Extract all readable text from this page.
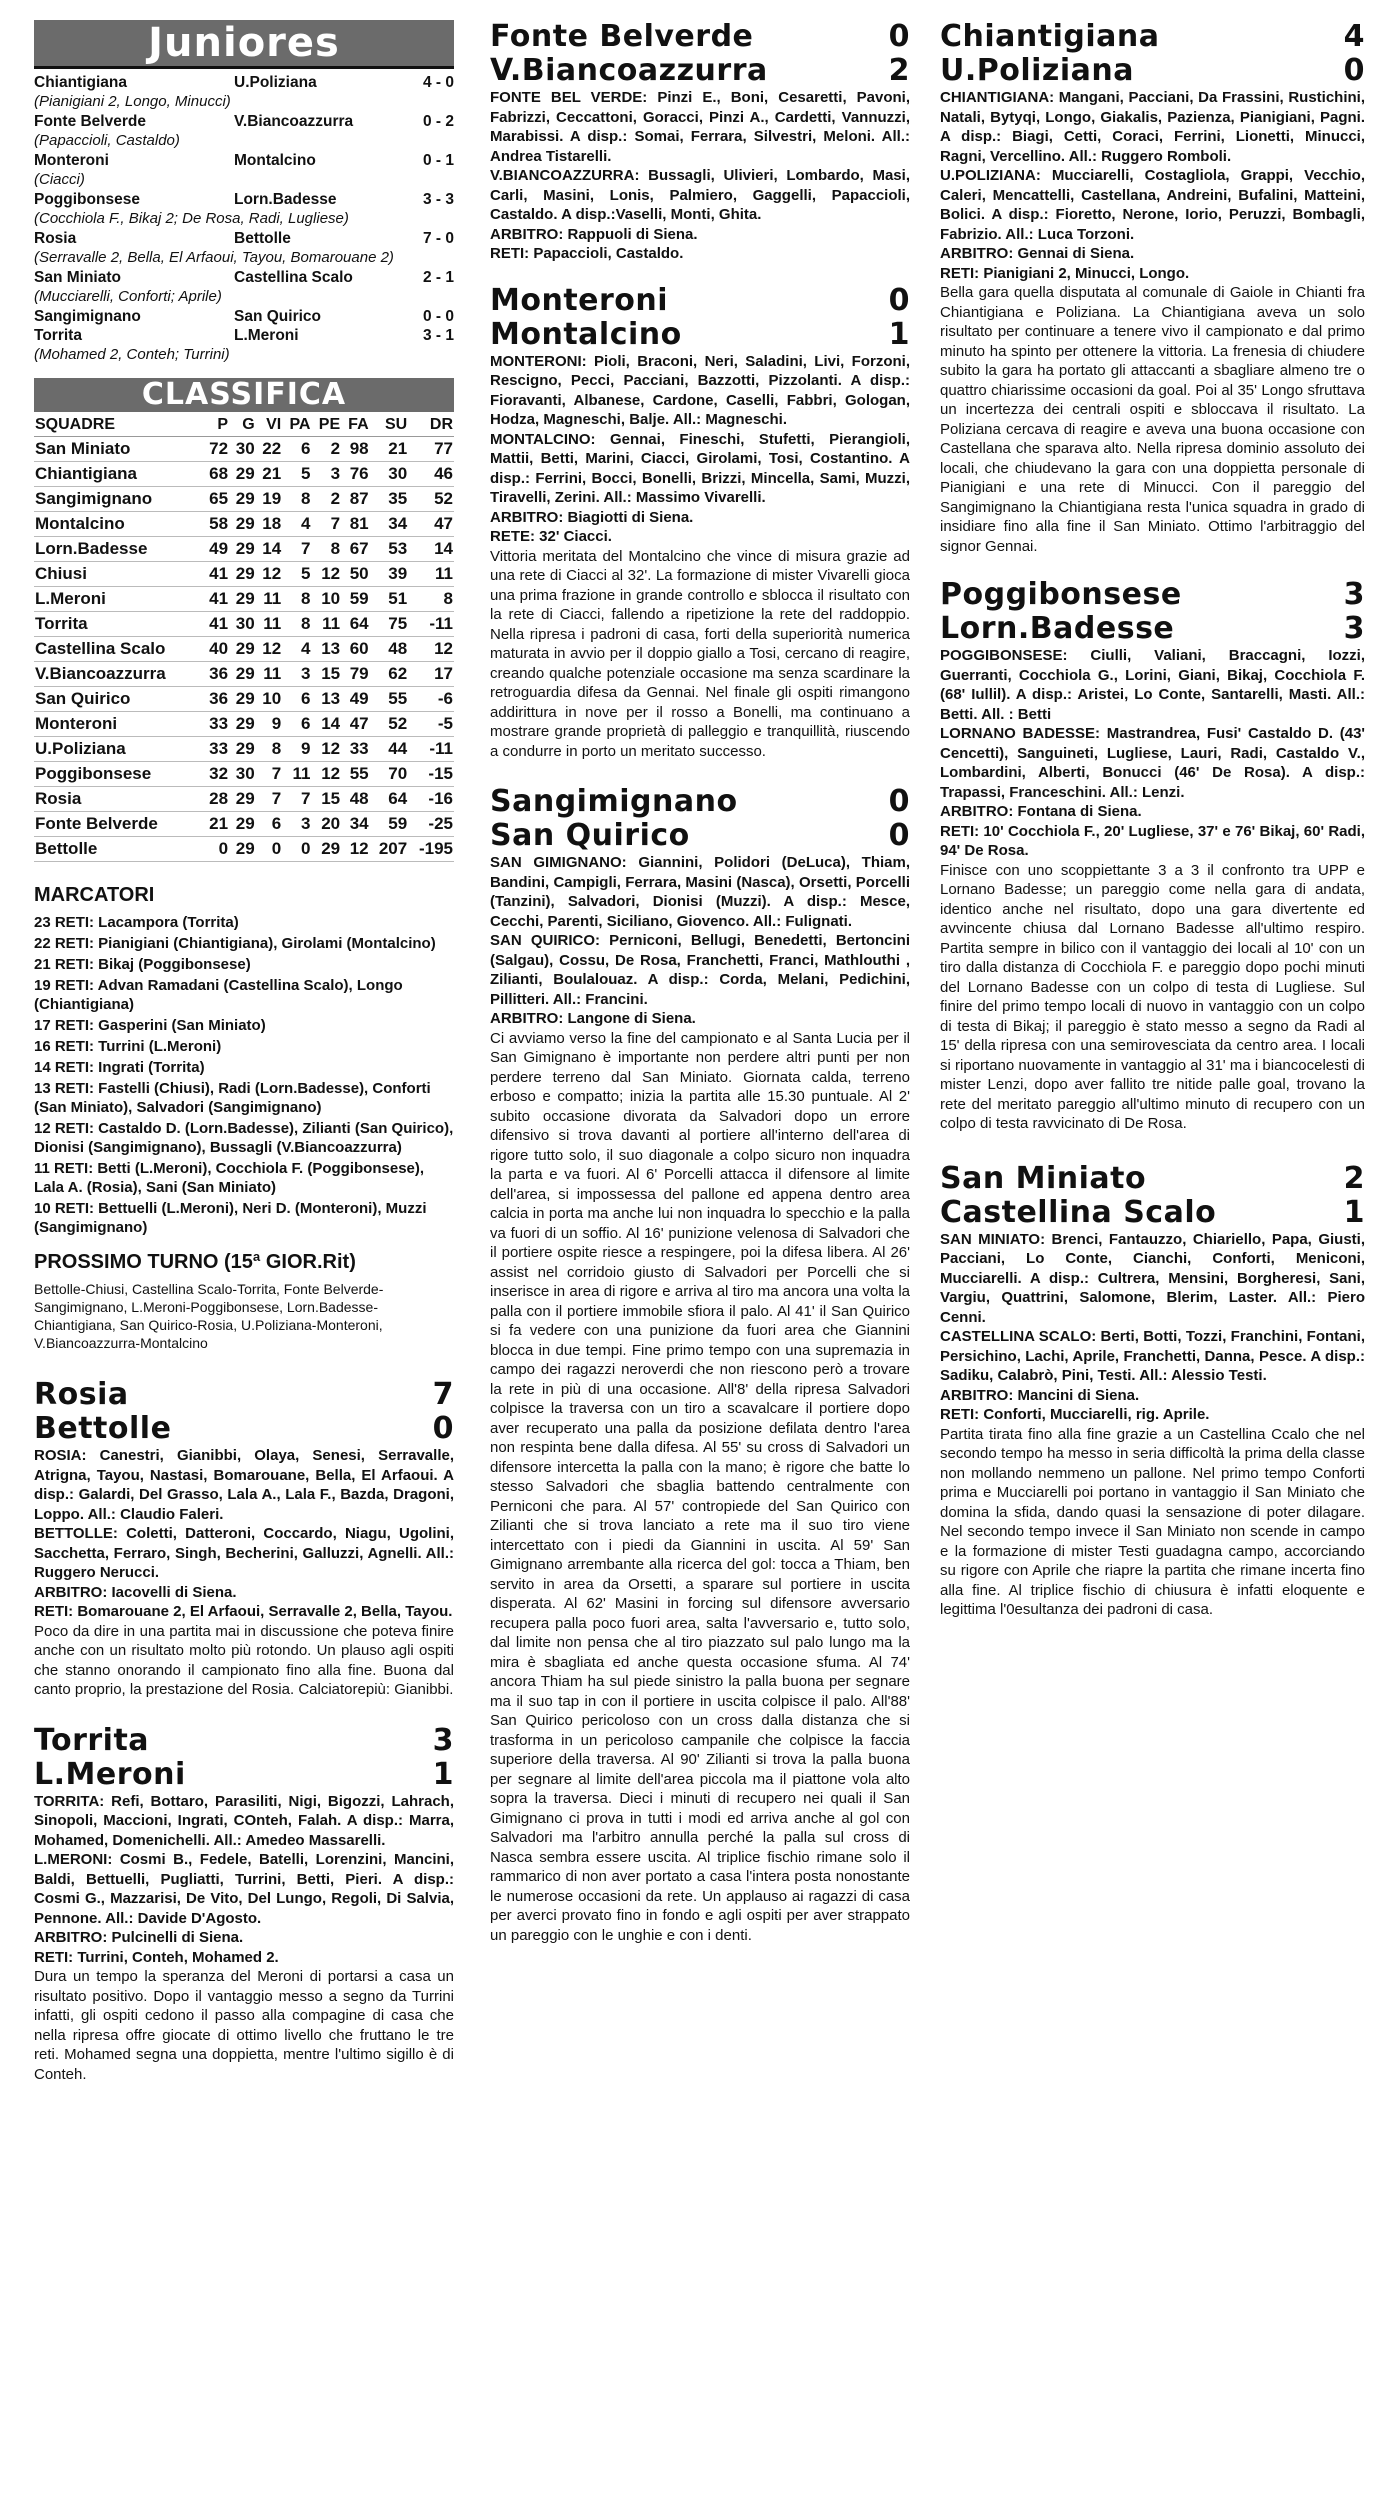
Juniores
Chiantigiana	U.Poliziana	4 - 0
(Pianigiani 2, Longo, Minucci)
Fonte Belverde	V.Biancoazzurra	0 - 2
(Papaccioli, Castaldo)
Monteroni	Montalcino	0 - 1
(Ciacci)
Poggibonsese	Lorn.Badesse	3 - 3
(Cocchiola F., Bikaj 2; De Rosa, Radi, Lugliese)
Rosia	Bettolle	7 - 0
(Serravalle 2, Bella, El Arfaoui, Tayou, Bomarouane 2)
San Miniato	Castellina Scalo	2 - 1
(Mucciarelli, Conforti; Aprile)
Sangimignano	San Quirico	0 - 0
Torrita	L.Meroni	3 - 1
(Mohamed 2, Conteh; Turrini)
CLASSIFICA
SQUADRE	P	G	VI	PA	PE	FA	SU	DR
San Miniato	72	30	22	6	2	98	21	77
Chiantigiana	68	29	21	5	3	76	30	46
Sangimignano	65	29	19	8	2	87	35	52
Montalcino	58	29	18	4	7	81	34	47
Lorn.Badesse	49	29	14	7	8	67	53	14
Chiusi	41	29	12	5	12	50	39	11
L.Meroni	41	29	11	8	10	59	51	8
Torrita	41	30	11	8	11	64	75	-11
Castellina Scalo	40	29	12	4	13	60	48	12
V.Biancoazzurra	36	29	11	3	15	79	62	17
San Quirico	36	29	10	6	13	49	55	-6
Monteroni	33	29	9	6	14	47	52	-5
U.Poliziana	33	29	8	9	12	33	44	-11
Poggibonsese	32	30	7	11	12	55	70	-15
Rosia	28	29	7	7	15	48	64	-16
Fonte Belverde	21	29	6	3	20	34	59	-25
Bettolle	0	29	0	0	29	12	207	-195
MARCATORI
23 RETI: Lacampora (Torrita)
22 RETI: Pianigiani (Chiantigiana), Girolami (Montalcino)
21 RETI: Bikaj (Poggibonsese)
19 RETI: Advan Ramadani (Castellina Scalo), Longo (Chiantigiana)
17 RETI: Gasperini (San Miniato)
16 RETI: Turrini (L.Meroni)
14 RETI: Ingrati (Torrita)
13 RETI: Fastelli (Chiusi), Radi (Lorn.Badesse), Conforti (San Miniato), Salvadori (Sangimignano)
12 RETI: Castaldo D. (Lorn.Badesse), Zilianti (San Quirico), Dionisi (Sangimignano), Bussagli (V.Biancoazzurra)
11 RETI: Betti (L.Meroni), Cocchiola F. (Poggibonsese), Lala A. (Rosia), Sani (San Miniato)
10 RETI: Bettuelli (L.Meroni), Neri D. (Monteroni), Muzzi (Sangimignano)
PROSSIMO TURNO (15ª GIOR.Rit)
Bettolle-Chiusi, Castellina Scalo-Torrita, Fonte Belverde-Sangimignano, L.Meroni-Poggibonsese, Lorn.Badesse-Chiantigiana, San Quirico-Rosia, U.Poliziana-Monteroni, V.Biancoazzurra-Montalcino
Rosia	7
Bettolle	0
ROSIA: Canestri, Gianibbi, Olaya, Senesi, Serravalle, Atrigna, Tayou, Nastasi, Bomarouane, Bella, El Arfaoui. A disp.: Galardi, Del Grasso, Lala A., Lala F., Bazda, Dragoni, Loppo. All.: Claudio Faleri.
BETTOLLE: Coletti, Datteroni, Coccardo, Niagu, Ugolini, Sacchetta, Ferraro, Singh, Becherini, Galluzzi, Agnelli. All.: Ruggero Nerucci.
ARBITRO: Iacovelli di Siena.
RETI: Bomarouane 2, El Arfaoui, Serravalle 2, Bella, Tayou.
Poco da dire in una partita mai in discussione che poteva finire anche con un risultato molto più rotondo. Un plauso agli ospiti che stanno onorando il campionato fino alla fine. Buona dal canto proprio, la prestazione del Rosia. Calciatorepiù: Gianibbi.
Torrita	3
L.Meroni	1
TORRITA: Refi, Bottaro, Parasiliti, Nigi, Bigozzi, Lahrach, Sinopoli, Maccioni, Ingrati, COnteh, Falah. A disp.: Marra, Mohamed, Domenichelli. All.: Amedeo Massarelli.
L.MERONI: Cosmi B., Fedele, Batelli, Lorenzini, Mancini, Baldi, Bettuelli, Pugliatti, Turrini, Betti, Pieri. A disp.: Cosmi G., Mazzarisi, De Vito, Del Lungo, Regoli, Di Salvia, Pennone. All.: Davide D'Agosto.
ARBITRO: Pulcinelli di Siena.
RETI: Turrini, Conteh, Mohamed 2.
Dura un tempo la speranza del Meroni di portarsi a casa un risultato positivo. Dopo il vantaggio messo a segno da Turrini infatti, gli ospiti cedono il passo alla compagine di casa che nella ripresa offre giocate di ottimo livello che fruttano le tre reti. Mohamed segna una doppietta, mentre l'ultimo sigillo è di Conteh.
Fonte Belverde	0
V.Biancoazzurra	2
FONTE BEL VERDE: Pinzi E., Boni, Cesaretti, Pavoni, Fabrizzi, Ceccattoni, Goracci, Pinzi A., Cardetti, Vannuzzi, Marabissi. A disp.: Somai, Ferrara, Silvestri, Meloni. All.: Andrea Tistarelli.
V.BIANCOAZZURRA: Bussagli, Ulivieri, Lombardo, Masi, Carli, Masini, Lonis, Palmiero, Gaggelli, Papaccioli, Castaldo. A disp.:Vaselli, Monti, Ghita.
ARBITRO: Rappuoli di Siena.
RETI: Papaccioli, Castaldo.
Monteroni	0
Montalcino	1
MONTERONI: Pioli, Braconi, Neri, Saladini, Livi, Forzoni, Rescigno, Pecci, Pacciani, Bazzotti, Pizzolanti. A disp.: Fioravanti, Albanese, Cardone, Caselli, Fabbri, Gologan, Hodza, Magneschi, Balje. All.: Magneschi.
MONTALCINO: Gennai, Fineschi, Stufetti, Pierangioli, Mattii, Betti, Marini, Ciacci, Girolami, Tosi, Costantino. A disp.: Ferrini, Bocci, Bonelli, Brizzi, Mincella, Sami, Muzzi, Tiravelli, Zerini. All.: Massimo Vivarelli.
ARBITRO: Biagiotti di Siena.
RETE: 32' Ciacci.
Vittoria meritata del Montalcino che vince di misura grazie ad una rete di Ciacci al 32'. La formazione di mister Vivarelli gioca una prima frazione in grande controllo e sblocca il risultato con la rete di Ciacci, fallendo a ripetizione la rete del raddoppio. Nella ripresa i padroni di casa, forti della superiorità numerica maturata in avvio per il doppio giallo a Tosi, cercano di reagire, creando qualche potenziale occasione ma senza scardinare la retroguardia difesa da Gennai. Nel finale gli ospiti rimangono addirittura in nove per il rosso a Bonelli, ma continuano a mostrare grande proprietà di palleggio e tranquillità, riuscendo a condurre in porto un meritato successo.
Sangimignano	0
San Quirico	0
SAN GIMIGNANO: Giannini, Polidori (DeLuca), Thiam, Bandini, Campigli, Ferrara, Masini (Nasca), Orsetti, Porcelli (Tanzini), Salvadori, Dionisi (Muzzi). A disp.: Mesce, Cecchi, Parenti, Siciliano, Giovenco. All.: Fulignati.
SAN QUIRICO: Perniconi, Bellugi, Benedetti, Bertoncini (Salgau), Cossu, De Rosa, Franchetti, Franci, Mathlouthi , Zilianti, Boulalouaz. A disp.: Corda, Melani, Pedichini, Pillitteri. All.: Francini.
ARBITRO: Langone di Siena.
Ci avviamo verso la fine del campionato e al Santa Lucia per il San Gimignano è importante non perdere altri punti per non perdere terreno dal San Miniato. Giornata calda, terreno erboso e compatto; inizia la partita alle 15.30 puntuale. Al 2' subito occasione divorata da Salvadori dopo un errore difensivo si trova davanti al portiere all'interno dell'area di rigore tutto solo, il suo diagonale a colpo sicuro non inquadra la parta e va fuori. Al 6' Porcelli attacca il difensore al limite dell'area, si impossessa del pallone ed appena dentro area calcia in porta ma anche lui non inquadra lo specchio e la palla va fuori di un soffio. Al 16' punizione velenosa di Salvadori che il portiere ospite riesce a respingere, poi la difesa libera. Al 26' assist nel corridoio giusto di Salvadori per Porcelli che si inserisce in area di rigore e arriva al tiro ma ancora una volta la palla con il portiere immobile sfiora il palo. Al 41' il San Quirico si fa vedere con una punizione da fuori area che Giannini blocca in due tempi. Fine primo tempo con una supremazia in campo dei ragazzi neroverdi che non riescono però a trovare la rete in più di una occasione. All'8' della ripresa Salvadori colpisce la traversa con un tiro a scavalcare il portiere dopo aver recuperato una palla da posizione defilata dentro l'area non respinta bene dalla difesa. Al 55' su cross di Salvadori un difensore intercetta la palla con la mano; è rigore che batte lo stesso Salvadori che sbaglia battendo centralmente con Perniconi che para. Al 57' contropiede del San Quirico con Zilianti che si trova lanciato a rete ma il suo tiro viene intercettato con i piedi da Giannini in uscita. Al 59' San Gimignano arrembante alla ricerca del gol: tocca a Thiam, ben servito in area da Orsetti, a sparare sul portiere in uscita disperata. Al 62' Masini in forcing sul difensore avversario recupera palla poco fuori area, salta l'avversario e, tutto solo, dal limite non pensa che al tiro piazzato sul palo lungo ma la mira è sbagliata ed anche questa occasione sfuma. Al 74' ancora Thiam ha sul piede sinistro la palla buona per segnare ma il suo tap in con il portiere in uscita colpisce il palo. All'88' San Quirico pericoloso con un cross dalla distanza che si trasforma in un pericoloso campanile che colpisce la faccia superiore della traversa. Al 90' Zilianti si trova la palla buona per segnare al limite dell'area piccola ma il piattone vola alto sopra la traversa. Dieci i minuti di recupero nei quali il San Gimignano ci prova in tutti i modi ed arriva anche al gol con Salvadori ma l'arbitro annulla perché la palla sul cross di Nasca sembra essere uscita. Al triplice fischio rimane solo il rammarico di non aver portato a casa l'intera posta nonostante le numerose occasioni da rete. Un applauso ai ragazzi di casa per averci provato fino in fondo e agli ospiti per aver strappato un pareggio con le unghie e con i denti.
Chiantigiana	4
U.Poliziana	0
CHIANTIGIANA: Mangani, Pacciani, Da Frassini, Rustichini, Natali, Bytyqi, Longo, Giakalis, Pazienza, Pianigiani, Pagni. A disp.: Biagi, Cetti, Coraci, Ferrini, Lionetti, Minucci, Ragni, Vercellino. All.: Ruggero Romboli.
U.POLIZIANA: Mucciarelli, Costagliola, Grappi, Vecchio, Caleri, Mencattelli, Castellana, Andreini, Bufalini, Matteini, Bolici. A disp.: Fioretto, Nerone, Iorio, Peruzzi, Bombagli, Fabrizio. All.: Luca Torzoni.
ARBITRO: Gennai di Siena.
RETI: Pianigiani 2, Minucci, Longo.
Bella gara quella disputata al comunale di Gaiole in Chianti fra Chiantigiana e Poliziana. La Chiantigiana aveva un solo risultato per continuare a tenere vivo il campionato e dal primo minuto ha spinto per ottenere la vittoria. La frenesia di chiudere subito la gara ha portato gli attaccanti a sbagliare almeno tre o quattro chiarissime occasioni da goal. Poi al 35' Longo sfruttava un incertezza dei centrali ospiti e sbloccava il risultato. La Poliziana cercava di reagire e aveva una buona occasione con Castellana che sparava alto. Nella ripresa dominio assoluto dei locali, che chiudevano la gara con una doppietta personale di Pianigiani e una rete di Minucci. Con il pareggio del Sangimignano la Chiantigiana resta l'unica squadra in grado di insidiare fino alla fine il San Miniato. Ottimo l'arbitraggio del signor Gennai.
Poggibonsese	3
Lorn.Badesse	3
POGGIBONSESE: Ciulli, Valiani, Braccagni, Iozzi, Guerranti, Cocchiola G., Lorini, Giani, Bikaj, Cocchiola F. (68' Iullil). A disp.: Aristei, Lo Conte, Santarelli, Masti. All.: Betti. All. : Betti
LORNANO BADESSE: Mastrandrea, Fusi' Castaldo D. (43' Cencetti), Sanguineti, Lugliese, Lauri, Radi, Castaldo V., Lombardini, Alberti, Bonucci (46' De Rosa). A disp.: Trapassi, Franceschini. All.: Lenzi.
ARBITRO: Fontana di Siena.
RETI: 10' Cocchiola F., 20' Lugliese, 37' e 76' Bikaj, 60' Radi, 94' De Rosa.
Finisce con uno scoppiettante 3 a 3 il confronto tra UPP e Lornano Badesse; un pareggio come nella gara di andata, identico anche nel risultato, dopo una gara divertente ed avvincente chiusa dal Lornano Badesse all'ultimo respiro. Partita sempre in bilico con il vantaggio dei locali al 10' con un tiro dalla distanza di Cocchiola F. e pareggio dopo pochi minuti del Lornano Badesse con un colpo di testa di Lugliese. Sul finire del primo tempo locali di nuovo in vantaggio con un colpo di testa di Bikaj; il pareggio è stato messo a segno da Radi al 15' della ripresa con una semirovesciata da centro area. I locali si riportano nuovamente in vantaggio al 31' ma i biancocelesti di mister Lenzi, dopo aver fallito tre nitide palle goal, trovano la rete del meritato pareggio all'ultimo minuto di recupero con un colpo di testa ravvicinato di De Rosa.
San Miniato	2
Castellina Scalo	1
SAN MINIATO: Brenci, Fantauzzo, Chiariello, Papa, Giusti, Pacciani, Lo Conte, Cianchi, Conforti, Meniconi, Mucciarelli. A disp.: Cultrera, Mensini, Borgheresi, Sani, Vargiu, Quattrini, Salomone, Blerim, Laster. All.: Piero Cenni.
CASTELLINA SCALO: Berti, Botti, Tozzi, Franchini, Fontani, Persichino, Lachi, Aprile, Franchetti, Danna, Pesce. A disp.: Sadiku, Calabrò, Pini, Testi. All.: Alessio Testi.
ARBITRO: Mancini di Siena.
RETI: Conforti, Mucciarelli, rig. Aprile.
Partita tirata fino alla fine grazie a un Castellina Ccalo che nel secondo tempo ha messo in seria difficoltà la prima della classe non mollando nemmeno un pallone. Nel primo tempo Conforti prima e Mucciarelli poi portano in vantaggio il San Miniato che domina la sfida, dando quasi la sensazione di poter dilagare. Nel secondo tempo invece il San Miniato non scende in campo e la formazione di mister Testi guadagna campo, accorciando su rigore con Aprile che riapre la partita che rimane incerta fino alla fine. Al triplice fischio di chiusura è infatti eloquente e legittima l'0esultanza dei padroni di casa.
